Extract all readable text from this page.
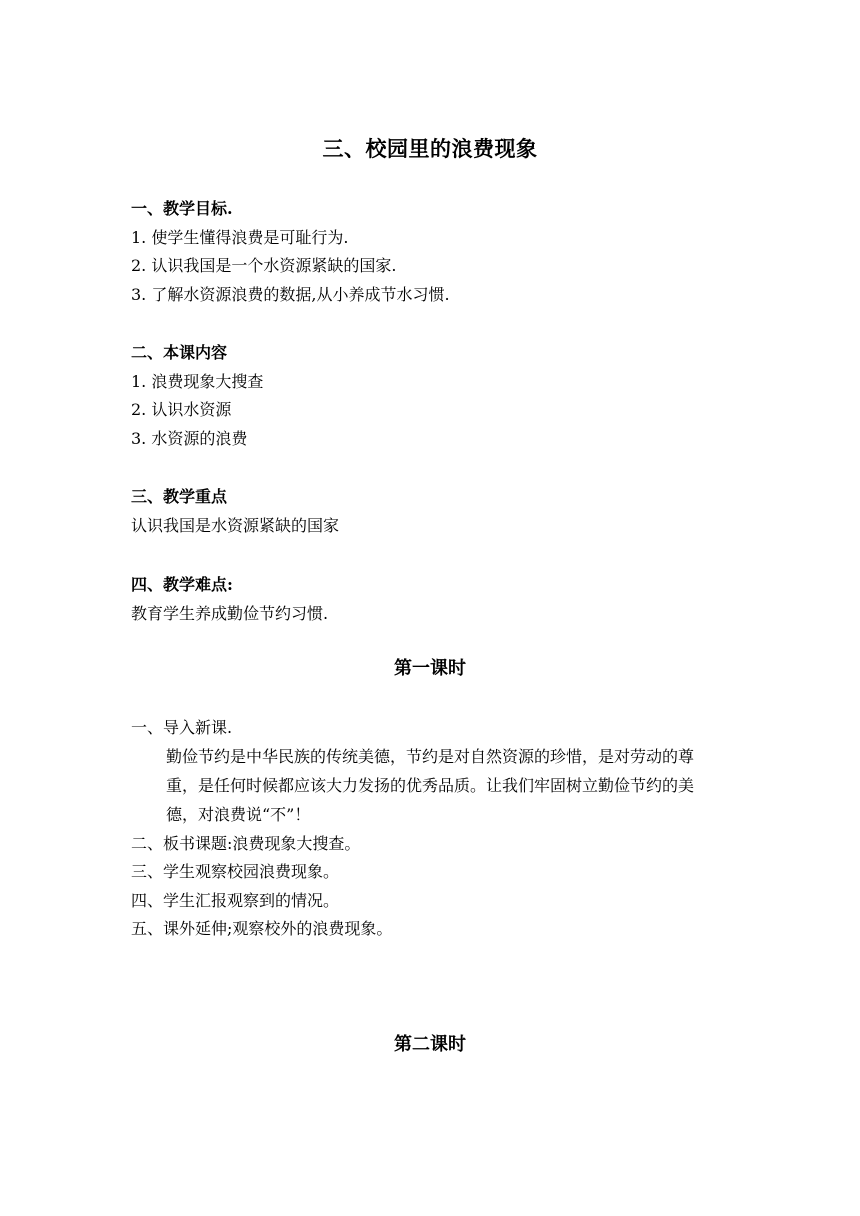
三、校园里的浪费现象
一、教学目标.
1. 使学生懂得浪费是可耻行为.
2. 认识我国是一个水资源紧缺的国家.
3. 了解水资源浪费的数据,从小养成节水习惯.
二、本课内容
1. 浪费现象大搜查
2. 认识水资源
3. 水资源的浪费
三、教学重点
认识我国是水资源紧缺的国家
四、教学难点:
教育学生养成勤俭节约习惯.
第一课时
一、导入新课.
勤俭节约是中华民族的传统美德，节约是对自然资源的珍惜，是对劳动的尊
重，是任何时候都应该大力发扬的优秀品质。让我们牢固树立勤俭节约的美
德，对浪费说“不”！
二、板书课题:浪费现象大搜查。
三、学生观察校园浪费现象。
四、学生汇报观察到的情况。
五、课外延伸;观察校外的浪费现象。
第二课时
